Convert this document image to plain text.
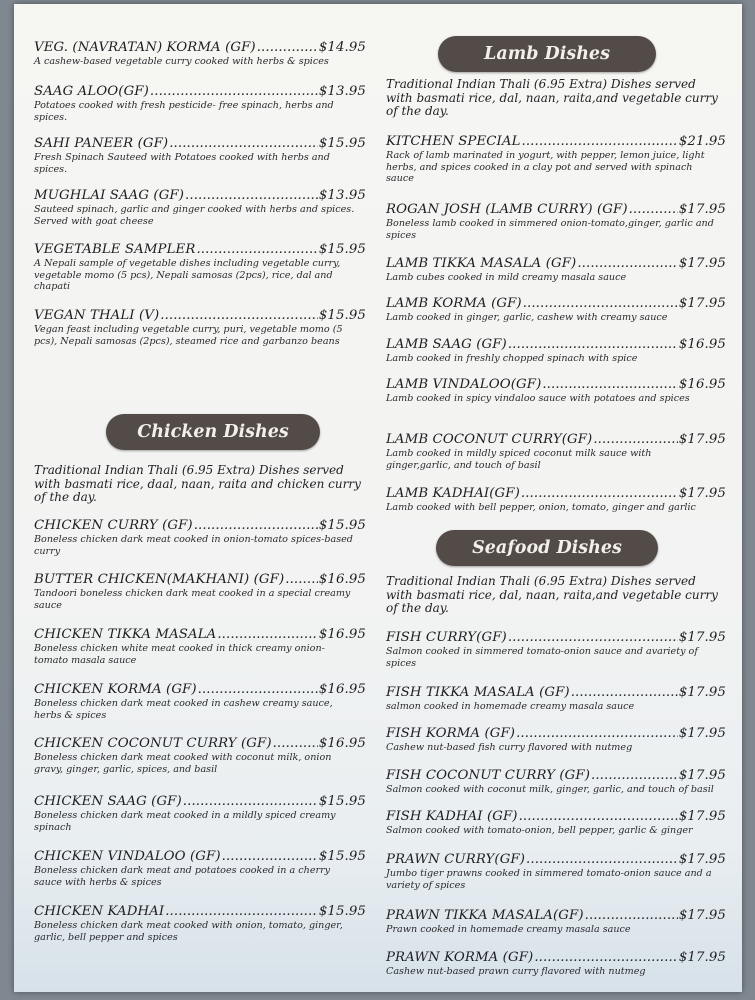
VEG. (NAVRATAN) KORMA (GF) .....	$14.95
A cashew-based vegetable curry cooked with herbs & spices
SAAG ALOO(GF) .....	$13.95
Potatoes cooked with fresh pesticide- free spinach, herbs and spices.
SAHI PANEER (GF) .....	$15.95
Fresh Spinach Sauteed with Potatoes cooked with herbs and spices.
MUGHLAI SAAG (GF) .....	$13.95
Sauteed spinach, garlic and ginger cooked with herbs and spices. Served with goat cheese
VEGETABLE SAMPLER .....	$15.95
A Nepali sample of vegetable dishes including vegetable curry, vegetable momo (5 pcs), Nepali samosas (2pcs), rice, dal and chapati
VEGAN THALI (V) .....	$15.95
Vegan feast including vegetable curry, puri, vegetable momo (5 pcs), Nepali samosas (2pcs), steamed rice and garbanzo beans
Chicken Dishes
Traditional Indian Thali (6.95 Extra) Dishes served with basmati rice, daal, naan, raita and chicken curry of the day.
CHICKEN CURRY (GF) .....	$15.95
Boneless chicken dark meat cooked in onion-tomato spices-based curry
BUTTER CHICKEN(MAKHANI) (GF) .....	$16.95
Tandoori boneless chicken dark meat cooked in a special creamy sauce
CHICKEN TIKKA MASALA .....	$16.95
Boneless chicken white meat cooked in thick creamy onion-tomato masala sauce
CHICKEN KORMA (GF) .....	$16.95
Boneless chicken dark meat cooked in cashew creamy sauce, herbs & spices
CHICKEN COCONUT CURRY (GF) .....	$16.95
Boneless chicken dark meat cooked with coconut milk, onion gravy, ginger, garlic, spices, and basil
CHICKEN SAAG (GF) .....	$15.95
Boneless chicken dark meat cooked in a mildly spiced creamy spinach
CHICKEN VINDALOO (GF) .....	$15.95
Boneless chicken dark meat and potatoes cooked in a cherry sauce with herbs & spices
CHICKEN KADHAI .....	$15.95
Boneless chicken dark meat cooked with onion, tomato, ginger, garlic, bell pepper and spices
Lamb Dishes
Traditional Indian Thali (6.95 Extra) Dishes served with basmati rice, dal, naan, raita,and vegetable curry of the day.
KITCHEN SPECIAL .....	$21.95
Rack of lamb marinated in yogurt, with pepper, lemon juice, light herbs, and spices cooked in a clay pot and served with spinach sauce
ROGAN JOSH (LAMB CURRY) (GF) .....	$17.95
Boneless lamb cooked in simmered onion-tomato,ginger, garlic and spices
LAMB TIKKA MASALA (GF) .....	$17.95
Lamb cubes cooked in mild creamy masala sauce
LAMB KORMA (GF) .....	$17.95
Lamb cooked in ginger, garlic, cashew with creamy sauce
LAMB SAAG (GF) .....	$16.95
Lamb cooked in freshly chopped spinach with spice
LAMB VINDALOO(GF) .....	$16.95
Lamb cooked in spicy vindaloo sauce with potatoes and spices
LAMB COCONUT CURRY(GF) .....	$17.95
Lamb cooked in mildly spiced coconut milk sauce with ginger,garlic, and touch of basil
LAMB KADHAI(GF) .....	$17.95
Lamb cooked with bell pepper, onion, tomato, ginger and garlic
Seafood Dishes
Traditional Indian Thali (6.95 Extra) Dishes served with basmati rice, dal, naan, raita,and vegetable curry of the day.
FISH CURRY(GF) .....	$17.95
Salmon cooked in simmered tomato-onion sauce and avariety of spices
FISH TIKKA MASALA (GF) .....	$17.95
salmon cooked in homemade creamy masala sauce
FISH KORMA (GF) .....	$17.95
Cashew nut-based fish curry flavored with nutmeg
FISH COCONUT CURRY (GF) .....	$17.95
Salmon cooked with coconut milk, ginger, garlic, and touch of basil
FISH KADHAI (GF) .....	$17.95
Salmon cooked with tomato-onion, bell pepper, garlic & ginger
PRAWN CURRY(GF) .....	$17.95
Jumbo tiger prawns cooked in simmered tomato-onion sauce and a variety of spices
PRAWN TIKKA MASALA(GF) .....	$17.95
Prawn cooked in homemade creamy masala sauce
PRAWN KORMA (GF) .....	$17.95
Cashew nut-based prawn curry flavored with nutmeg
